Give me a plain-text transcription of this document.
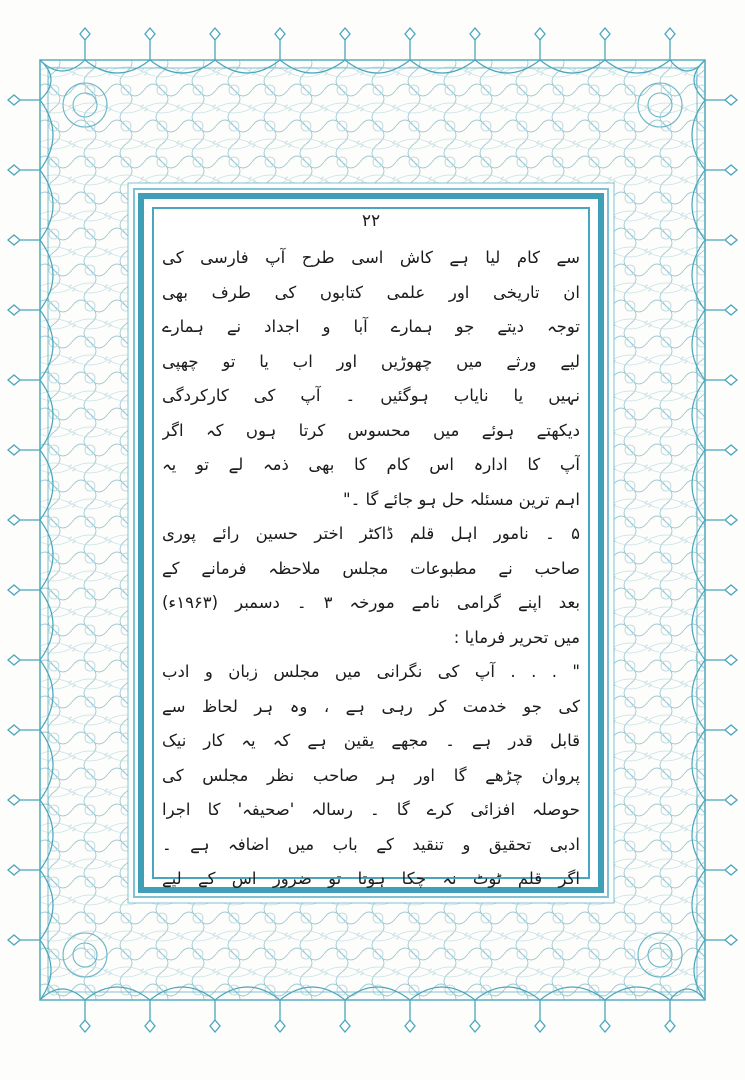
۲۲
سے کام لیا ہے کاش اسی طرح آپ فارسی کی
ان تاریخی اور علمی کتابوں کی طرف بھی
توجہ دیتے جو ہمارے آبا و اجداد نے ہمارے
لیے ورثے میں چھوڑیں اور اب یا تو چھپی
نہیں یا نایاب ہوگئیں ۔ آپ کی کارکردگی
دیکھتے ہوئے میں محسوس کرتا ہوں کہ اگر
آپ کا ادارہ اس کام کا بھی ذمہ لے تو یہ
اہم ترین مسئلہ حل ہو جائے گا ۔"
۵ ۔ نامور اہل قلم ڈاکٹر اختر حسین رائے پوری
صاحب نے مطبوعات مجلس ملاحظہ فرمانے کے
بعد اپنے گرامی نامے مورخہ ۳ ۔ دسمبر (۱۹۶۳ء)
میں تحریر فرمایا :
" . . . آپ کی نگرانی میں مجلس زبان و ادب
کی جو خدمت کر رہی ہے ، وہ ہر لحاظ سے
قابل قدر ہے ۔ مجھے یقین ہے کہ یہ کار نیک
پروان چڑھے گا اور ہر صاحب نظر مجلس کی
حوصلہ افزائی کرے گا ۔ رسالہ 'صحیفہ' کا اجرا
ادبی تحقیق و تنقید کے باب میں اضافہ ہے ۔
اگر قلم ٹوٹ نہ چکا ہوتا تو ضرور اس کے لیے
